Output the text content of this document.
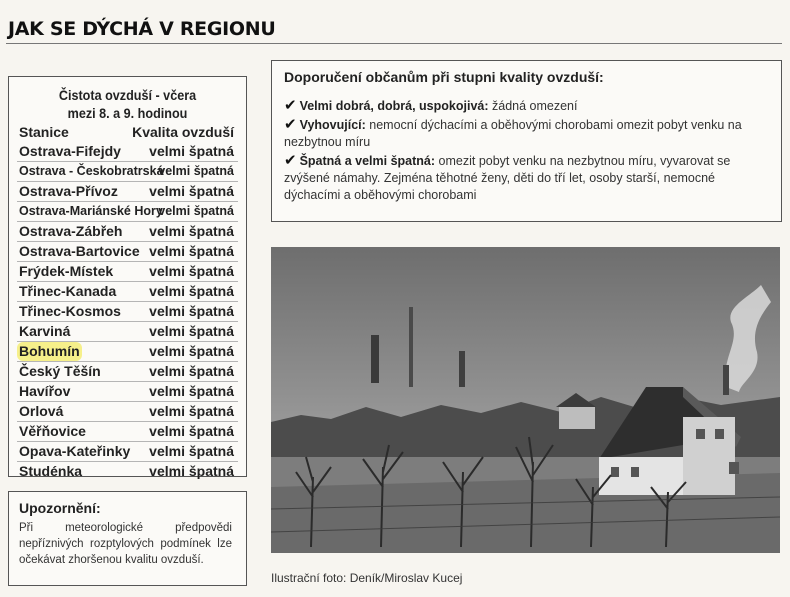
JAK SE DÝCHÁ V REGIONU
Čistota ovzduší - včera
mezi 8. a 9. hodinou
Stanice	Kvalita ovzduší
Ostrava-Fifejdy velmi špatná
Ostrava - Českobratrská
velmi špatná
Ostrava-Přívoz velmi špatná
Ostrava-Mariánské Hory
velmi špatná
Ostrava-Zábřeh velmi špatná
Ostrava-Bartovice velmi špatná
Frýdek-Místek	velmi špatná
Třinec-Kanada velmi špatná
Třinec-Kosmos velmi špatná
Karviná	velmi špatná
Bohumín	velmi špatná
Český Těšín	velmi špatná
Havířov	velmi špatná
Orlová	velmi špatná
Věřňovice	velmi špatná
Opava-Kateřinky velmi špatná
Studénka	velmi špatná
Upozornění:
Při meteorologické předpovědi nepříznivých rozptylových podmínek lze očekávat zhoršenou kvalitu ovzduší.
Doporučení občanům při stupni kvality ovzduší:
✔ Velmi dobrá, dobrá, uspokojivá: žádná omezení
✔ Vyhovující: nemocní dýchacími a oběhovými chorobami omezit pobyt venku na nezbytnou míru
✔ Špatná a velmi špatná: omezit pobyt venku na nezbytnou míru, vyvarovat se zvýšené námahy. Zejména těhotné ženy, děti do tří let, osoby starší, nemocné dýchacími a oběhovými chorobami
Ilustrační foto: Deník/Miroslav Kucej
